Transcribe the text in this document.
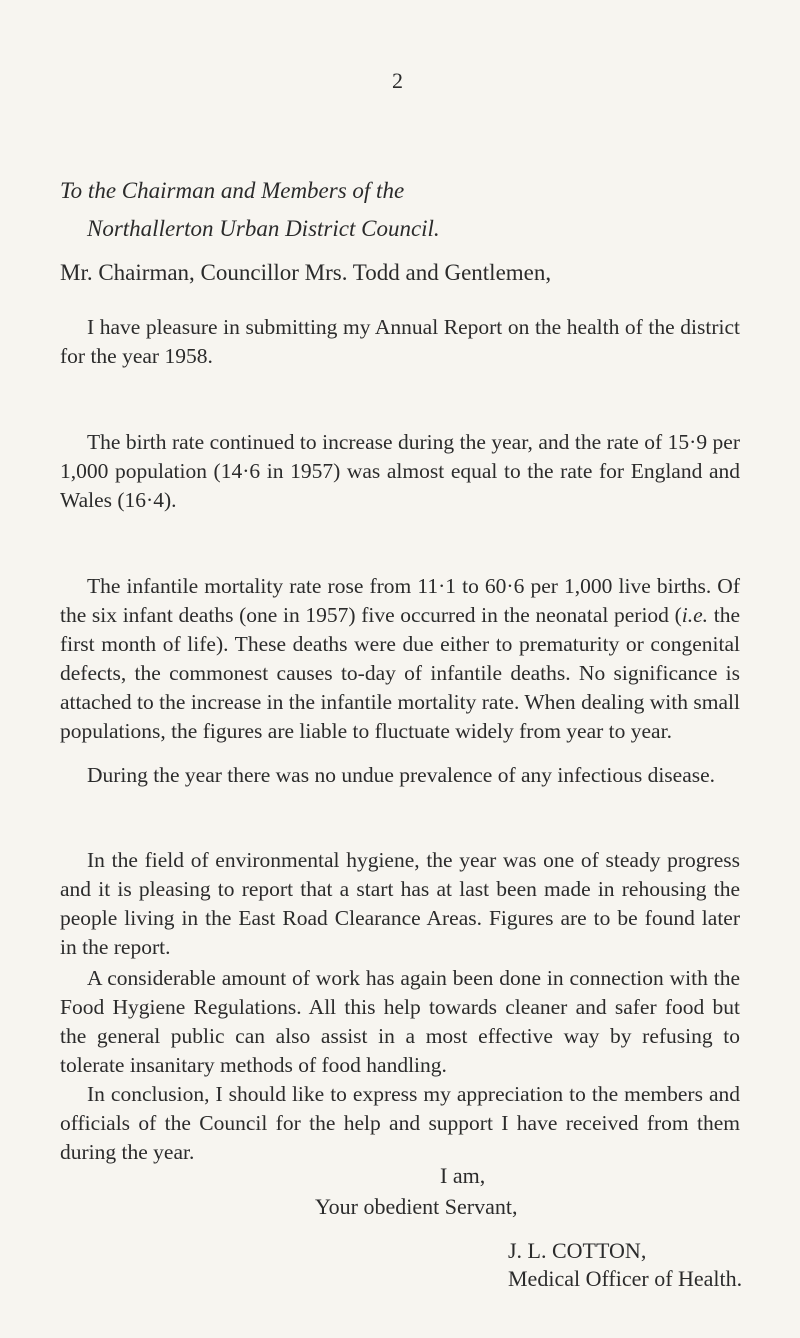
2
To the Chairman and Members of the
Northallerton Urban District Council.
Mr. Chairman, Councillor Mrs. Todd and Gentlemen,
I have pleasure in submitting my Annual Report on the health of the district for the year 1958.
The birth rate continued to increase during the year, and the rate of 15·9 per 1,000 population (14·6 in 1957) was almost equal to the rate for England and Wales (16·4).
The infantile mortality rate rose from 11·1 to 60·6 per 1,000 live births. Of the six infant deaths (one in 1957) five occurred in the neonatal period (i.e. the first month of life). These deaths were due either to prematurity or congenital defects, the commonest causes to-day of infantile deaths. No significance is attached to the increase in the infantile mortality rate. When dealing with small populations, the figures are liable to fluctuate widely from year to year.
During the year there was no undue prevalence of any infectious disease.
In the field of environmental hygiene, the year was one of steady progress and it is pleasing to report that a start has at last been made in rehousing the people living in the East Road Clearance Areas. Figures are to be found later in the report.
A considerable amount of work has again been done in connection with the Food Hygiene Regulations. All this help towards cleaner and safer food but the general public can also assist in a most effective way by refusing to tolerate insanitary methods of food handling.
In conclusion, I should like to express my appreciation to the members and officials of the Council for the help and support I have received from them during the year.
I am,
Your obedient Servant,
J. L. COTTON,
Medical Officer of Health.
